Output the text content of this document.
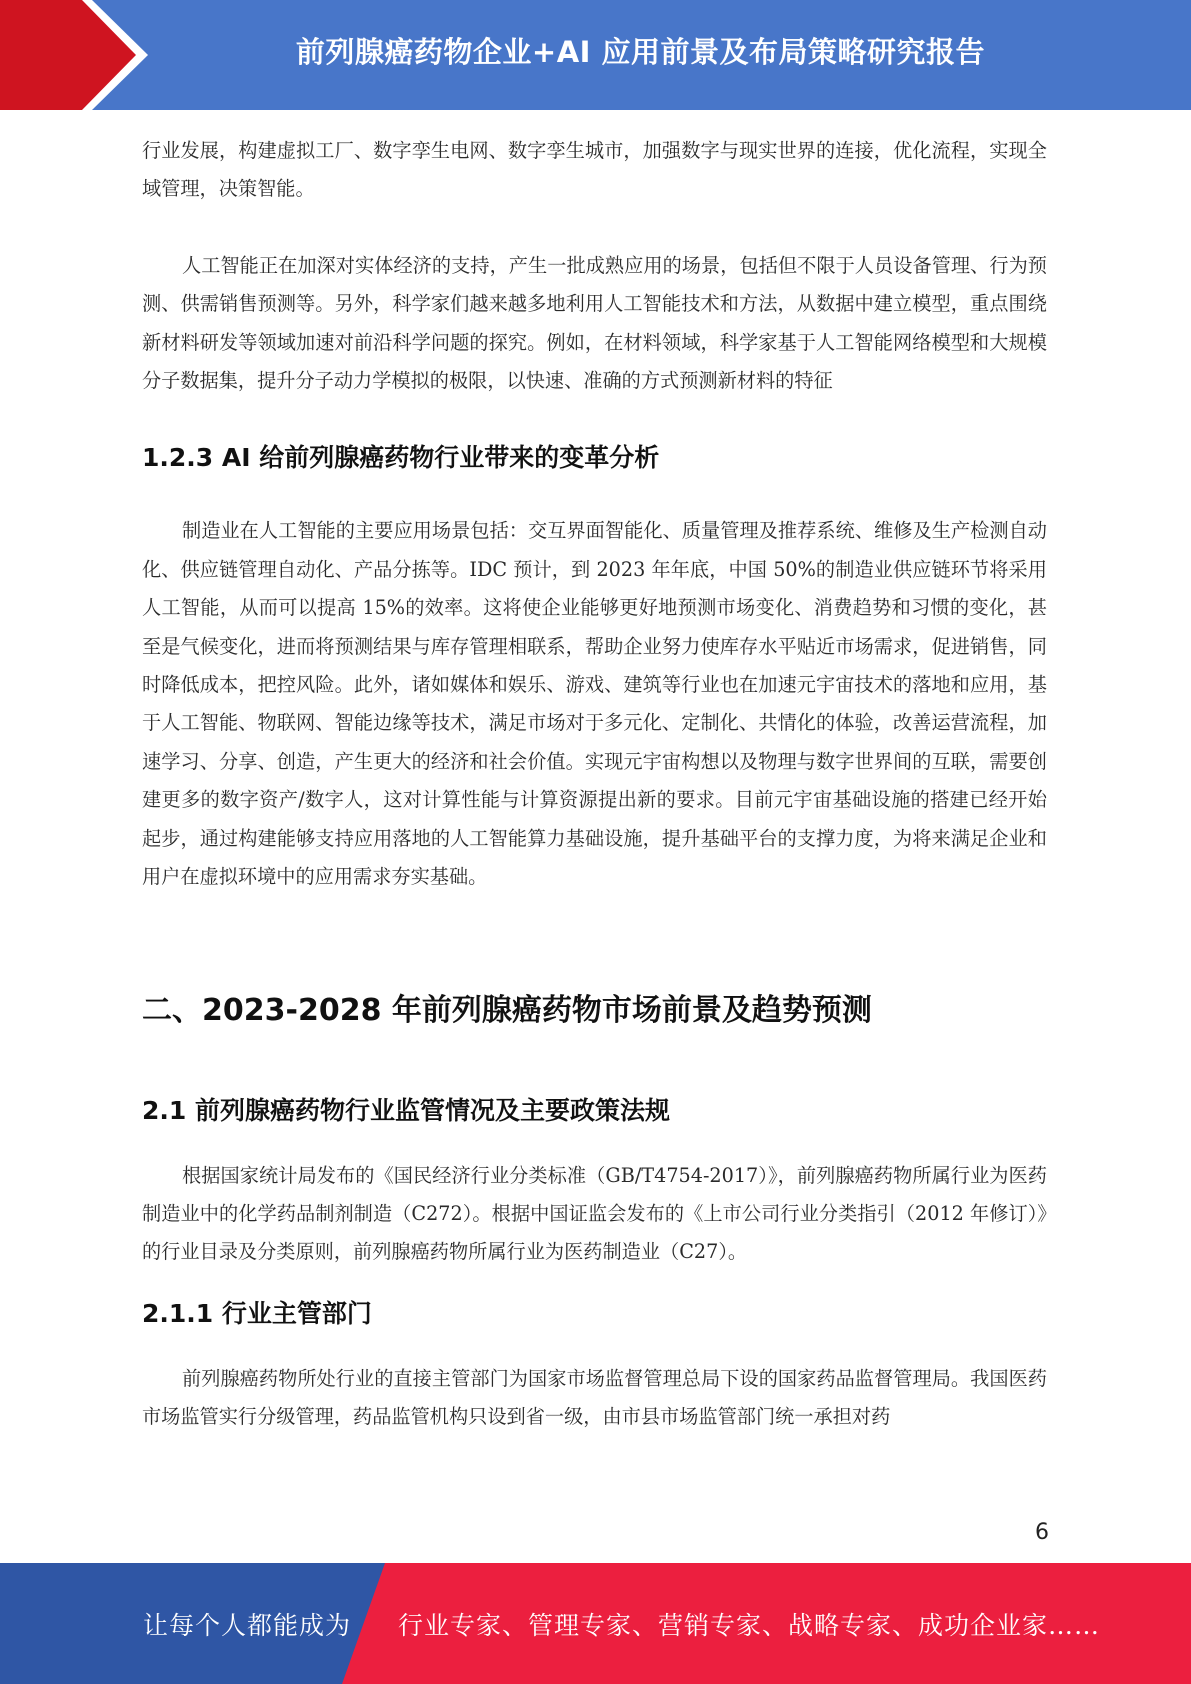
前列腺癌药物企业+AI 应用前景及布局策略研究报告

行业发展，构建虚拟工厂、数字孪生电网、数字孪生城市，加强数字与现实世界的连接，优化流程，实现全域管理，决策智能。

人工智能正在加深对实体经济的支持，产生一批成熟应用的场景，包括但不限于人员设备管理、行为预测、供需销售预测等。另外，科学家们越来越多地利用人工智能技术和方法，从数据中建立模型，重点围绕新材料研发等领域加速对前沿科学问题的探究。例如，在材料领域，科学家基于人工智能网络模型和大规模分子数据集，提升分子动力学模拟的极限，以快速、准确的方式预测新材料的特征

1.2.3 AI 给前列腺癌药物行业带来的变革分析

制造业在人工智能的主要应用场景包括：交互界面智能化、质量管理及推荐系统、维修及生产检测自动化、供应链管理自动化、产品分拣等。IDC 预计，到 2023 年年底，中国 50%的制造业供应链环节将采用人工智能，从而可以提高 15%的效率。这将使企业能够更好地预测市场变化、消费趋势和习惯的变化，甚至是气候变化，进而将预测结果与库存管理相联系，帮助企业努力使库存水平贴近市场需求，促进销售，同时降低成本，把控风险。此外，诸如媒体和娱乐、游戏、建筑等行业也在加速元宇宙技术的落地和应用，基于人工智能、物联网、智能边缘等技术，满足市场对于多元化、定制化、共情化的体验，改善运营流程，加速学习、分享、创造，产生更大的经济和社会价值。实现元宇宙构想以及物理与数字世界间的互联，需要创建更多的数字资产/数字人，这对计算性能与计算资源提出新的要求。目前元宇宙基础设施的搭建已经开始起步，通过构建能够支持应用落地的人工智能算力基础设施，提升基础平台的支撑力度，为将来满足企业和用户在虚拟环境中的应用需求夯实基础。

二、2023-2028 年前列腺癌药物市场前景及趋势预测
2.1 前列腺癌药物行业监管情况及主要政策法规

根据国家统计局发布的《国民经济行业分类标准（GB/T4754-2017）》，前列腺癌药物所属行业为医药制造业中的化学药品制剂制造（C272）。根据中国证监会发布的《上市公司行业分类指引（2012 年修订）》的行业目录及分类原则，前列腺癌药物所属行业为医药制造业（C27）。

2.1.1 行业主管部门

前列腺癌药物所处行业的直接主管部门为国家市场监督管理总局下设的国家药品监督管理局。我国医药市场监管实行分级管理，药品监管机构只设到省一级，由市县市场监管部门统一承担对药

6
让每个人都能成为 行业专家、管理专家、营销专家、战略专家、成功企业家……
